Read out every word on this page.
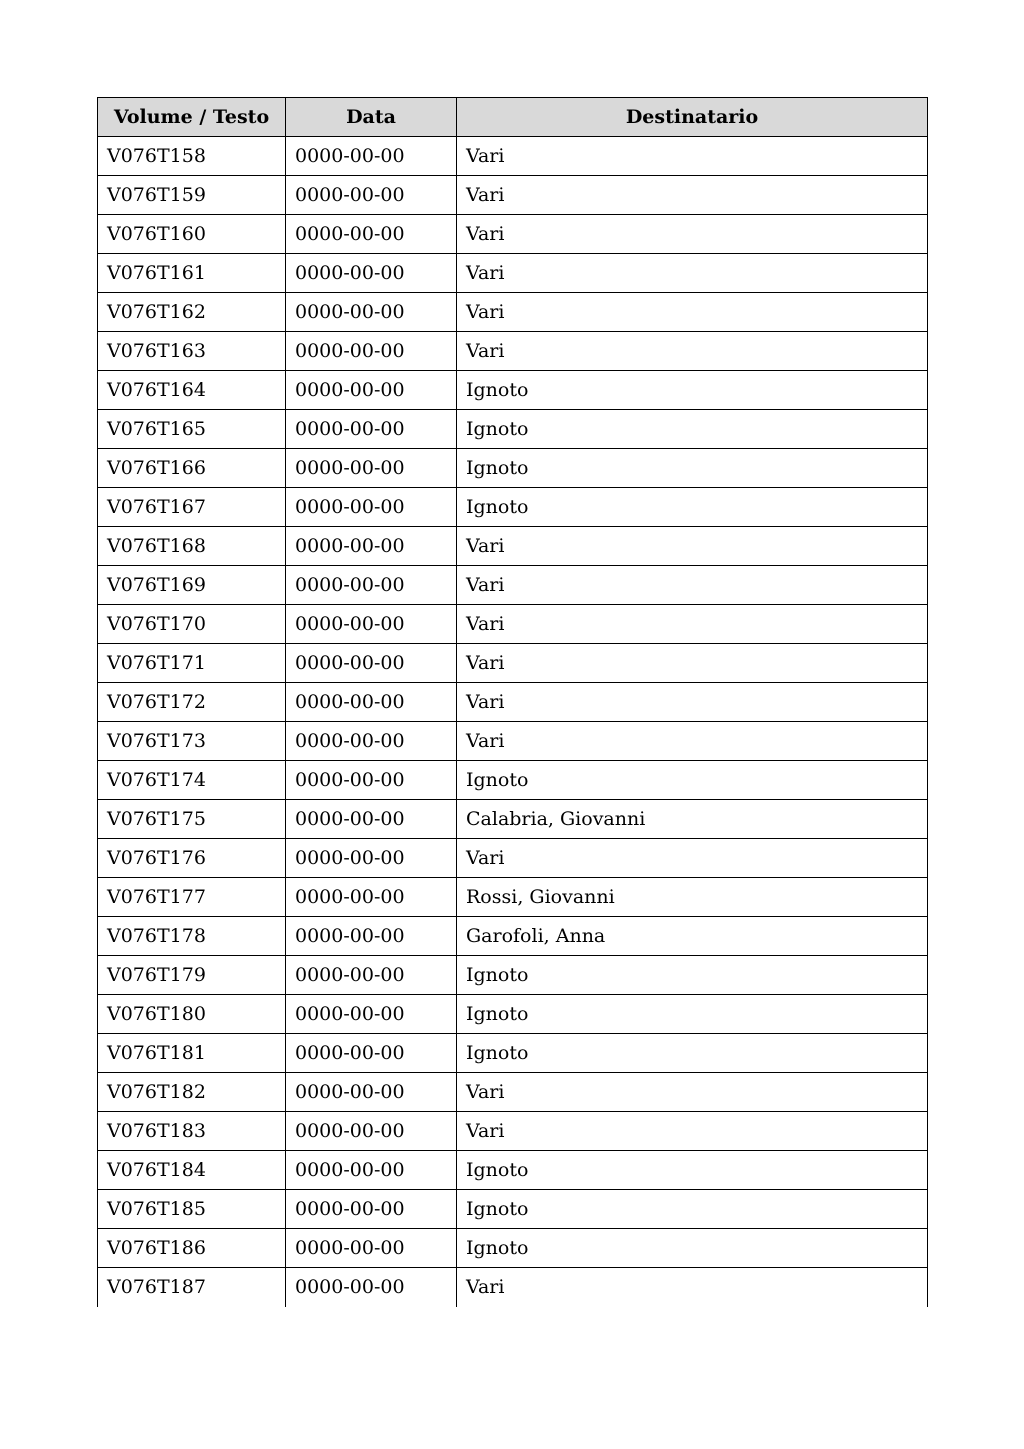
Volume / Testo	Data	Destinatario
V076T158	0000-00-00	Vari
V076T159	0000-00-00	Vari
V076T160	0000-00-00	Vari
V076T161	0000-00-00	Vari
V076T162	0000-00-00	Vari
V076T163	0000-00-00	Vari
V076T164	0000-00-00	Ignoto
V076T165	0000-00-00	Ignoto
V076T166	0000-00-00	Ignoto
V076T167	0000-00-00	Ignoto
V076T168	0000-00-00	Vari
V076T169	0000-00-00	Vari
V076T170	0000-00-00	Vari
V076T171	0000-00-00	Vari
V076T172	0000-00-00	Vari
V076T173	0000-00-00	Vari
V076T174	0000-00-00	Ignoto
V076T175	0000-00-00	Calabria, Giovanni
V076T176	0000-00-00	Vari
V076T177	0000-00-00	Rossi, Giovanni
V076T178	0000-00-00	Garofoli, Anna
V076T179	0000-00-00	Ignoto
V076T180	0000-00-00	Ignoto
V076T181	0000-00-00	Ignoto
V076T182	0000-00-00	Vari
V076T183	0000-00-00	Vari
V076T184	0000-00-00	Ignoto
V076T185	0000-00-00	Ignoto
V076T186	0000-00-00	Ignoto
V076T187	0000-00-00	Vari
